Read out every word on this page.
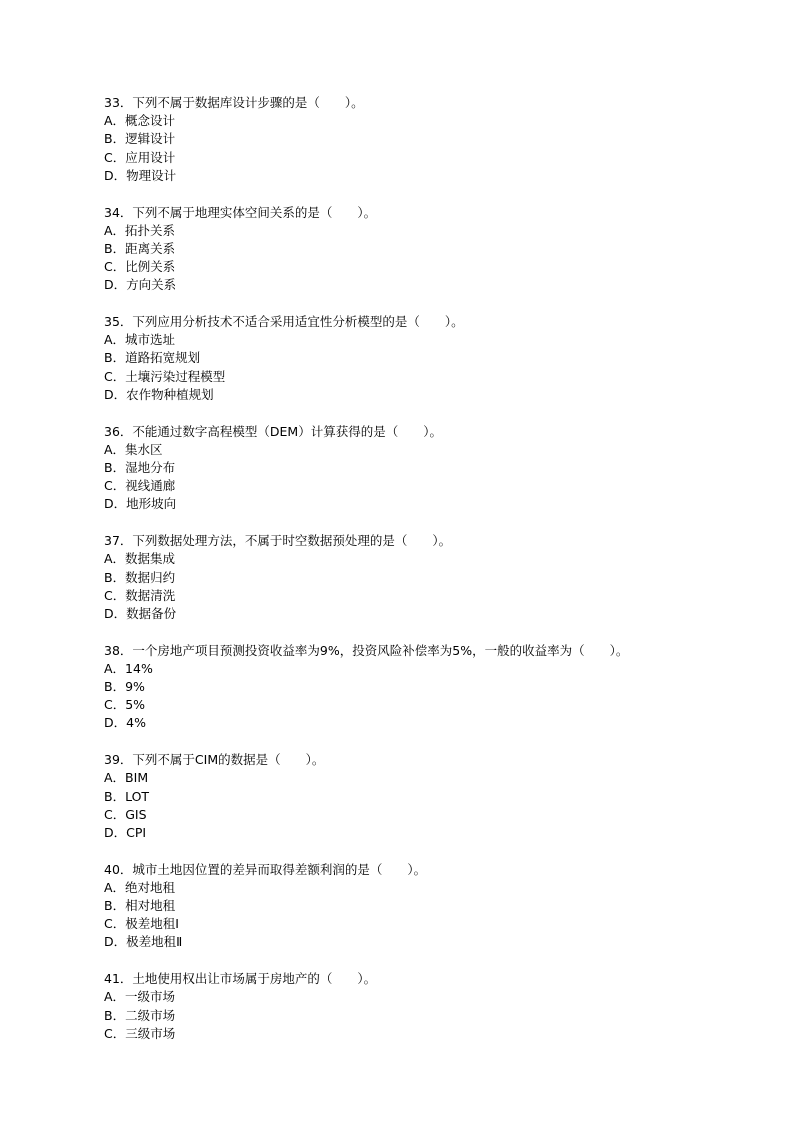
33．下列不属于数据库设计步骤的是（　　）。
A．概念设计
B．逻辑设计
C．应用设计
D．物理设计
34．下列不属于地理实体空间关系的是（　　）。
A．拓扑关系
B．距离关系
C．比例关系
D．方向关系
35．下列应用分析技术不适合采用适宜性分析模型的是（　　）。
A．城市选址
B．道路拓宽规划
C．土壤污染过程模型
D．农作物种植规划
36．不能通过数字高程模型（DEM）计算获得的是（　　）。
A．集水区
B．湿地分布
C．视线通廊
D．地形坡向
37．下列数据处理方法，不属于时空数据预处理的是（　　）。
A．数据集成
B．数据归约
C．数据清洗
D．数据备份
38．一个房地产项目预测投资收益率为9%，投资风险补偿率为5%，一般的收益率为（　　）。
A．14%
B．9%
C．5%
D．4%
39．下列不属于CIM的数据是（　　）。
A．BIM
B．LOT
C．GIS
D．CPI
40．城市土地因位置的差异而取得差额利润的是（　　）。
A．绝对地租
B．相对地租
C．极差地租Ⅰ
D．极差地租Ⅱ
41．土地使用权出让市场属于房地产的（　　）。
A．一级市场
B．二级市场
C．三级市场
